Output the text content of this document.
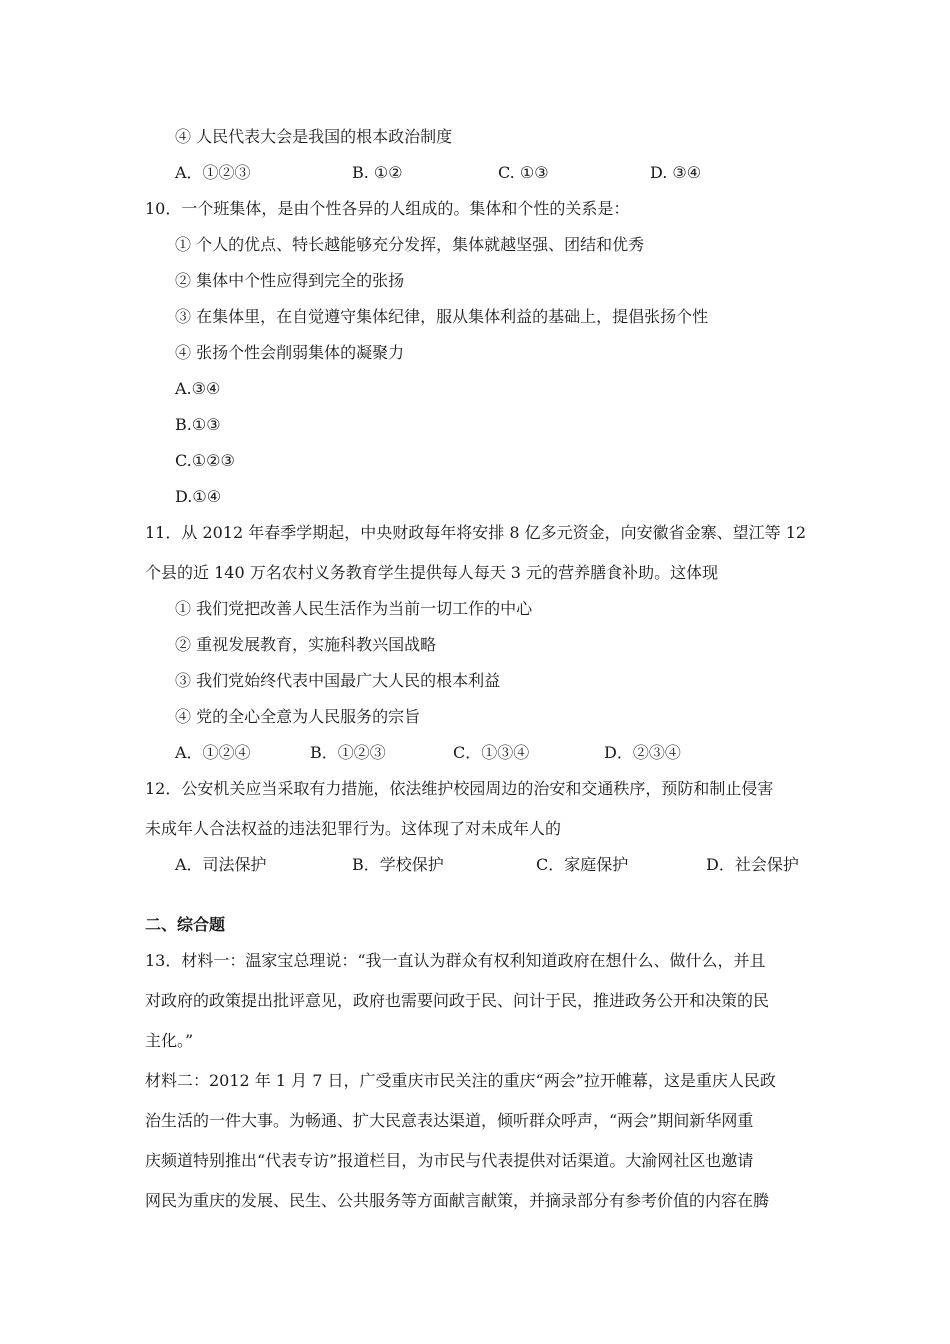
④ 人民代表大会是我国的根本政治制度
A．①②③	B. ①②	C. ①③	D. ③④
10．一个班集体，是由个性各异的人组成的。集体和个性的关系是：
① 个人的优点、特长越能够充分发挥，集体就越坚强、团结和优秀
② 集体中个性应得到完全的张扬
③ 在集体里，在自觉遵守集体纪律，服从集体利益的基础上，提倡张扬个性
④ 张扬个性会削弱集体的凝聚力
A.③④
B.①③
C.①②③
D.①④
11．从 2012 年春季学期起，中央财政每年将安排 8 亿多元资金，向安徽省金寨、望江等 12
个县的近 140 万名农村义务教育学生提供每人每天 3 元的营养膳食补助。这体现
① 我们党把改善人民生活作为当前一切工作的中心
② 重视发展教育，实施科教兴国战略
③ 我们党始终代表中国最广大人民的根本利益
④ 党的全心全意为人民服务的宗旨
A．①②④	B．①②③	C．①③④	D．②③④
12．公安机关应当采取有力措施，依法维护校园周边的治安和交通秩序，预防和制止侵害
未成年人合法权益的违法犯罪行为。这体现了对未成年人的
A．司法保护	B．学校保护	C．家庭保护	D．社会保护
二、综合题
13．材料一：温家宝总理说：“我一直认为群众有权利知道政府在想什么、做什么，并且
对政府的政策提出批评意见，政府也需要问政于民、问计于民，推进政务公开和决策的民
主化。”
材料二：2012 年 1 月 7 日，广受重庆市民关注的重庆“两会”拉开帷幕，这是重庆人民政
治生活的一件大事。为畅通、扩大民意表达渠道，倾听群众呼声，“两会”期间新华网重
庆频道特别推出“代表专访”报道栏目，为市民与代表提供对话渠道。大渝网社区也邀请
网民为重庆的发展、民生、公共服务等方面献言献策，并摘录部分有参考价值的内容在腾
